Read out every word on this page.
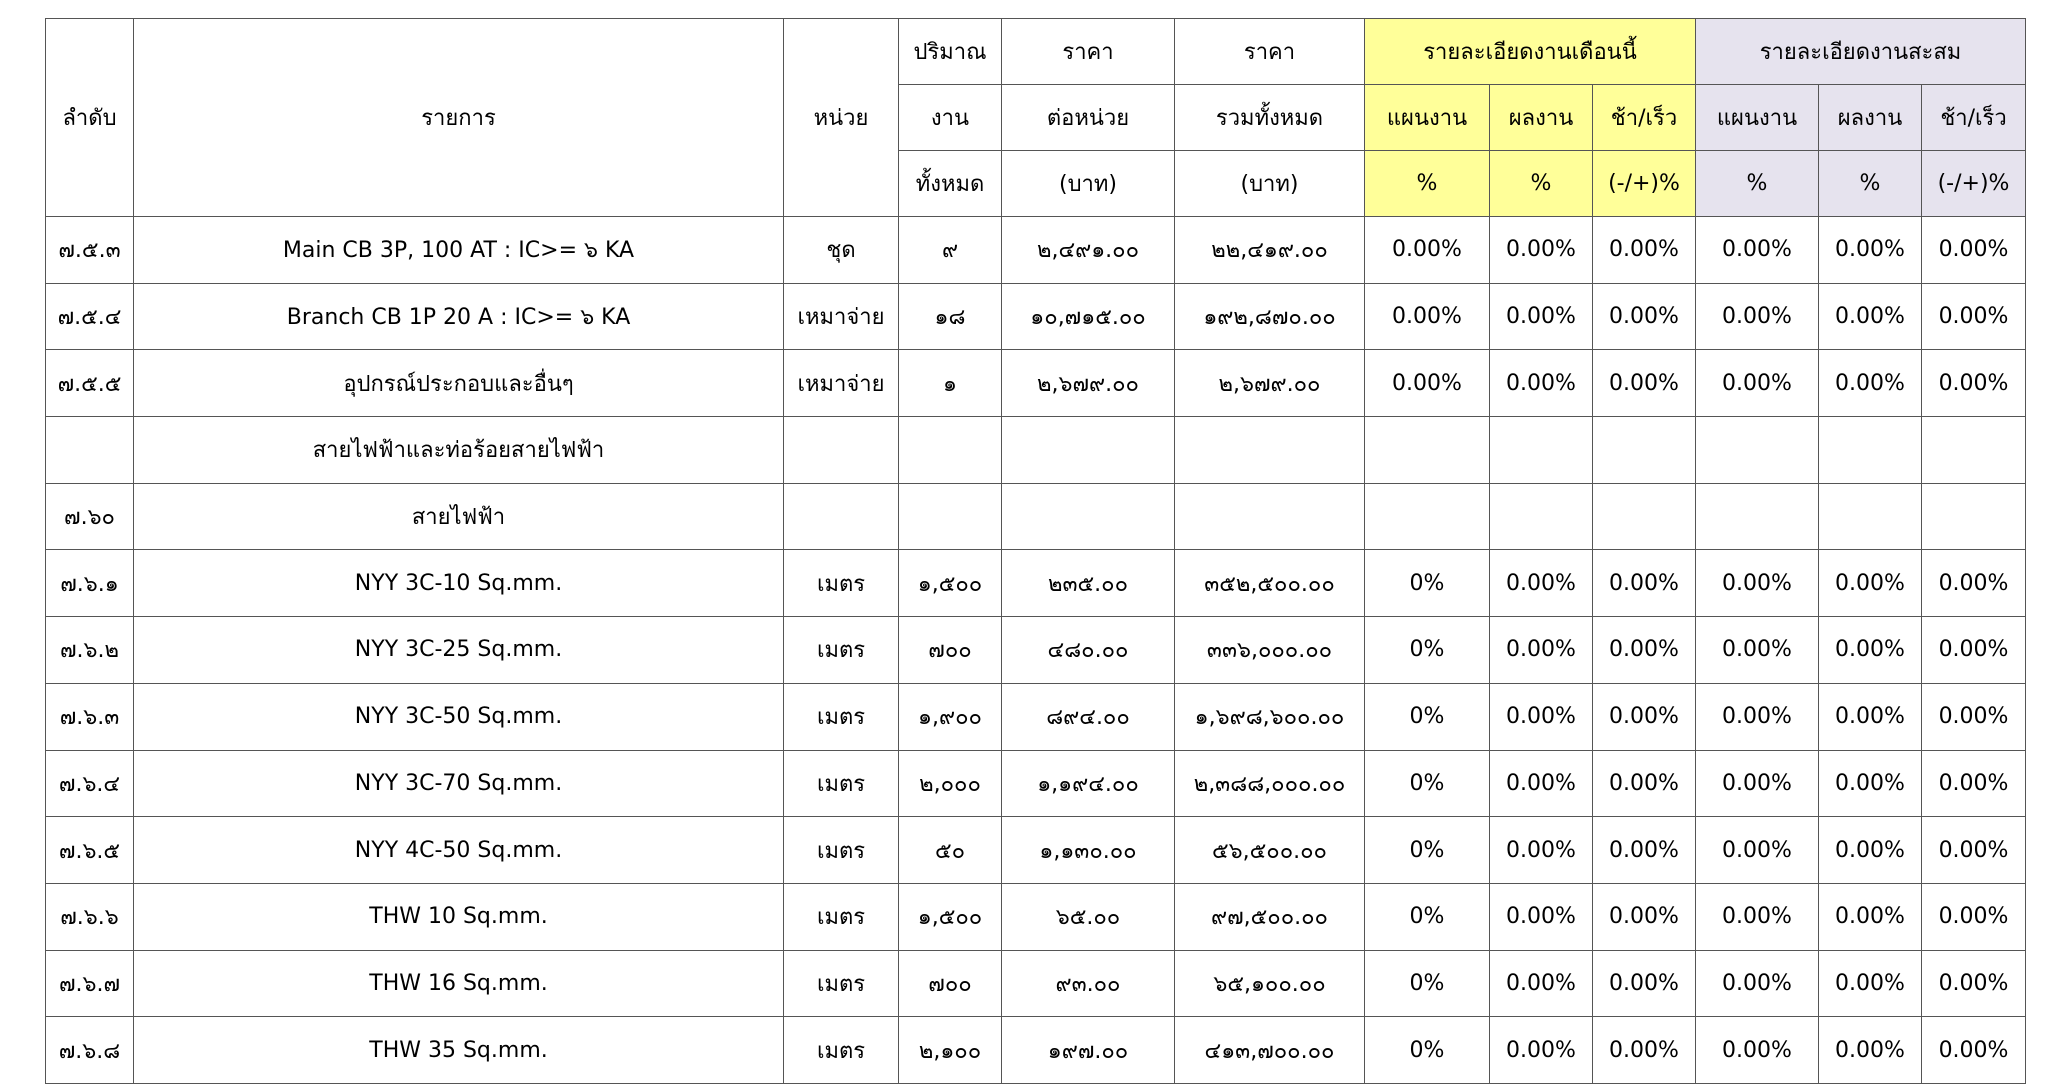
ลำดับ	รายการ	หน่วย	ปริมาณ	ราคา	ราคา	รายละเอียดงานเดือนนี้			รายละเอียดงานสะสม		
			งาน	ต่อหน่วย	รวมทั้งหมด	แผนงาน	ผลงาน	ช้า/เร็ว	แผนงาน	ผลงาน	ช้า/เร็ว
			ทั้งหมด	(บาท)	(บาท)	%	%	(-/+)%	%	%	(-/+)%
๗.๕.๓	Main CB 3P, 100 AT : IC>= ๖ KA	ชุด	๙	๒,๔๙๑.๐๐	๒๒,๔๑๙.๐๐	0.00%	0.00%	0.00%	0.00%	0.00%	0.00%
๗.๕.๔	Branch CB 1P 20 A : IC>= ๖ KA	เหมาจ่าย	๑๘	๑๐,๗๑๕.๐๐	๑๙๒,๘๗๐.๐๐	0.00%	0.00%	0.00%	0.00%	0.00%	0.00%
๗.๕.๕	อุปกรณ์ประกอบและอื่นๆ	เหมาจ่าย	๑	๒,๖๗๙.๐๐	๒,๖๗๙.๐๐	0.00%	0.00%	0.00%	0.00%	0.00%	0.00%
	สายไฟฟ้าและท่อร้อยสายไฟฟ้า										
๗.๖๐	สายไฟฟ้า										
๗.๖.๑	NYY 3C-10 Sq.mm.	เมตร	๑,๕๐๐	๒๓๕.๐๐	๓๕๒,๕๐๐.๐๐	0%	0.00%	0.00%	0.00%	0.00%	0.00%
๗.๖.๒	NYY 3C-25 Sq.mm.	เมตร	๗๐๐	๔๘๐.๐๐	๓๓๖,๐๐๐.๐๐	0%	0.00%	0.00%	0.00%	0.00%	0.00%
๗.๖.๓	NYY 3C-50 Sq.mm.	เมตร	๑,๙๐๐	๘๙๔.๐๐	๑,๖๙๘,๖๐๐.๐๐	0%	0.00%	0.00%	0.00%	0.00%	0.00%
๗.๖.๔	NYY 3C-70 Sq.mm.	เมตร	๒,๐๐๐	๑,๑๙๔.๐๐	๒,๓๘๘,๐๐๐.๐๐	0%	0.00%	0.00%	0.00%	0.00%	0.00%
๗.๖.๕	NYY 4C-50 Sq.mm.	เมตร	๕๐	๑,๑๓๐.๐๐	๕๖,๕๐๐.๐๐	0%	0.00%	0.00%	0.00%	0.00%	0.00%
๗.๖.๖	THW 10 Sq.mm.	เมตร	๑,๕๐๐	๖๕.๐๐	๙๗,๕๐๐.๐๐	0%	0.00%	0.00%	0.00%	0.00%	0.00%
๗.๖.๗	THW 16 Sq.mm.	เมตร	๗๐๐	๙๓.๐๐	๖๕,๑๐๐.๐๐	0%	0.00%	0.00%	0.00%	0.00%	0.00%
๗.๖.๘	THW 35 Sq.mm.	เมตร	๒,๑๐๐	๑๙๗.๐๐	๔๑๓,๗๐๐.๐๐	0%	0.00%	0.00%	0.00%	0.00%	0.00%
